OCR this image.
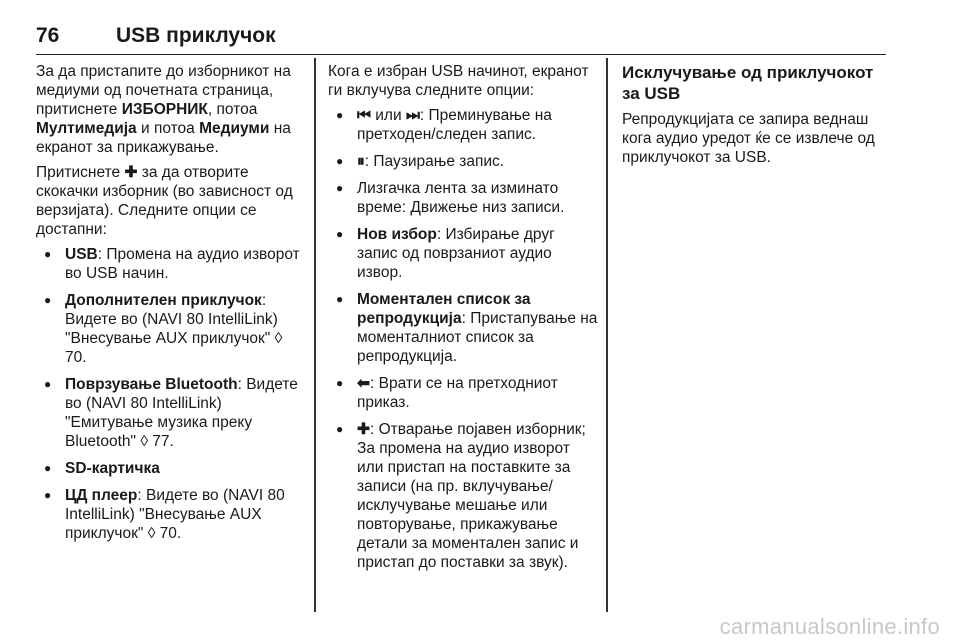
76	USB приклучок

За да пристапите до изборникот на медиуми од почетната страница, притиснете ИЗБОРНИК, потоа Мултимедија и потоа Медиуми на екранот за прикажување.

Притиснете ✚ за да отворите скокачки изборник (во зависност од верзијата). Следните опции се достапни:

● USB: Промена на аудио изворот во USB начин.
● Дополнителен приклучок: Видете во (NAVI 80 IntelliLink) "Внесување AUX приклучок" ◊ 70.
● Поврзување Bluetooth: Видете во (NAVI 80 IntelliLink) "Емитување музика преку Bluetooth" ◊ 77.
● SD-картичка
● ЦД плеер: Видете во (NAVI 80 IntelliLink) "Внесување AUX приклучок" ◊ 70.

Кога е избран USB начинот, екранот ги вклучува следните опции:

● ⏮ или ⏭: Преминување на претходен/следен запис.
● ⏸: Паузирање запис.
● Лизгачка лента за изминато време: Движење низ записи.
● Нов избор: Избирање друг запис од поврзаниот аудио извор.
● Моментален список за репродукција: Пристапување на моменталниот список за репродукција.
● ⬅: Врати се на претходниот приказ.
● ✚: Отварање појавен изборник; За промена на аудио изворот или пристап на поставките за записи (на пр. вклучување/исклучување мешање или повторување, прикажување детали за моментален запис и пристап до поставки за звук).
Исклучување од приклучокот за USB

Репродукцијата се запира веднаш кога аудио уредот ќе се извлече од приклучокот за USB.

carmanualsonline.info
